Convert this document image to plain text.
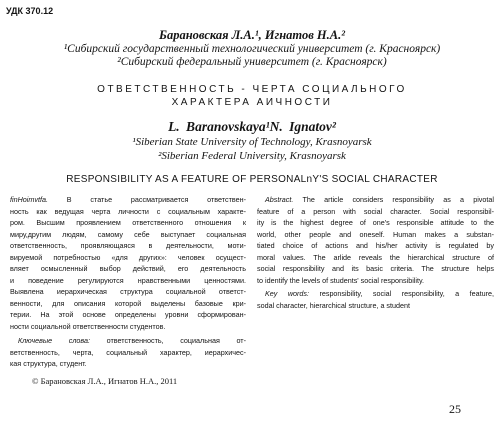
УДК 370.12
Барановская Л.А.¹, Игнатов Н.А.²
¹Сибирский государственный технологический университет (г. Красноярск)
²Сибирский федеральный университет (г. Красноярск)
ОТВЕТСТВЕННОСТЬ - ЧЕРТА СОЦИАЛЬНОГО
ХАРАКТЕРА АИЧНОСТИ
L. Baranovskaya¹N. Ignatov²
¹Siberian State University of Technology, Krasnoyarsk
²Siberian Federal University, Krasnoyarsk
RESPONSIBILITY AS A FEATURE OF PERSONALnY'S SOCIAL CHARACTER
finHoimvtfa.	В статье рассматривается ответствен-
ность как ведущая черта личности с социальным характе-
ром. Высшим проявлением ответственного отношения к
миру,другим людям, самому себе выступает социальная
ответственность, проявляющаяся в деятельности, моти-
вируемой потребностью «для других»: человек осущест-
вляет осмысленный выбор действий, его деятельность
и поведение регулируются нравственными ценностями.
Выявлена иерархическая структура социальной ответст-
венности, для описания которой выделены базовые кри-
терии. На этой основе определены уровни сформирован-
ности социальной ответственности студентов.
Ключевые слова: ответственность, социальная от-
ветственность, черта, социальный характер, иерархичес-
кая структура, студент.
© Барановская Л.А., Игнатов Н.А., 2011
Abstract. The article considers responsibility as a pivotal
feature of a person with social character. Social responsibil-
ity is the highest degree of one's responsible attitude to the
world, other people and oneself. Human makes a substan-
tiated choice of actions and his/her activity is regulated by
moral values. The arlide reveals the hierarchical structure of
social responsibility and its basic criteria. The structure helps
to identify the levels of students' social responsibility.
Key words: responsibility, social responsibility, a feature,
sodal character, hierarchical structure, a student
25
